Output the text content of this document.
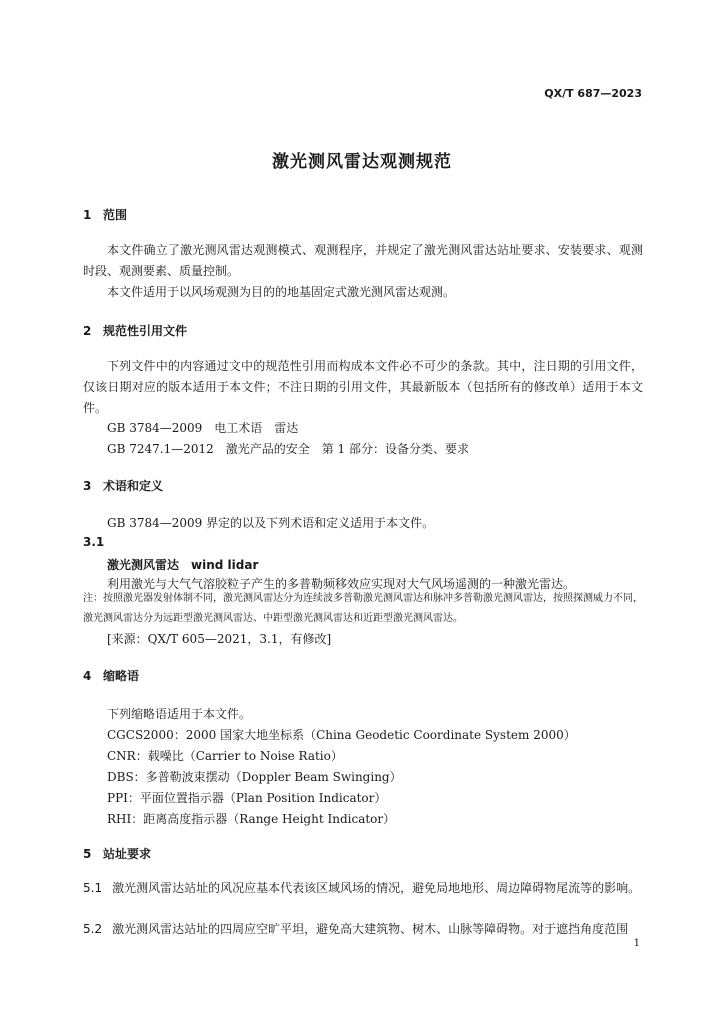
QX/T 687—2023
激光测风雷达观测规范
1 范围
本文件确立了激光测风雷达观测模式、观测程序，并规定了激光测风雷达站址要求、安装要求、观测时段、观测要素、质量控制。
本文件适用于以风场观测为目的的地基固定式激光测风雷达观测。
2 规范性引用文件
下列文件中的内容通过文中的规范性引用而构成本文件必不可少的条款。其中，注日期的引用文件，仅该日期对应的版本适用于本文件；不注日期的引用文件，其最新版本（包括所有的修改单）适用于本文件。
GB 3784—2009　电工术语　雷达
GB 7247.1—2012　激光产品的安全　第 1 部分：设备分类、要求
3 术语和定义
GB 3784—2009 界定的以及下列术语和定义适用于本文件。
3.1
激光测风雷达 wind lidar
利用激光与大气气溶胶粒子产生的多普勒频移效应实现对大气风场遥测的一种激光雷达。
注：按照激光器发射体制不同，激光测风雷达分为连续波多普勒激光测风雷达和脉冲多普勒激光测风雷达，按照探测威力不同，激光测风雷达分为远距型激光测风雷达、中距型激光测风雷达和近距型激光测风雷达。
[来源：QX/T 605—2021，3.1，有修改]
4 缩略语
下列缩略语适用于本文件。
CGCS2000：2000 国家大地坐标系（China Geodetic Coordinate System 2000）
CNR：载噪比（Carrier to Noise Ratio）
DBS：多普勒波束摆动（Doppler Beam Swinging）
PPI：平面位置指示器（Plan Position Indicator）
RHI：距离高度指示器（Range Height Indicator）
5 站址要求
5.1 激光测风雷达站址的风况应基本代表该区域风场的情况，避免局地地形、周边障碍物尾流等的影响。
5.2 激光测风雷达站址的四周应空旷平坦，避免高大建筑物、树木、山脉等障碍物。对于遮挡角度范围
1
